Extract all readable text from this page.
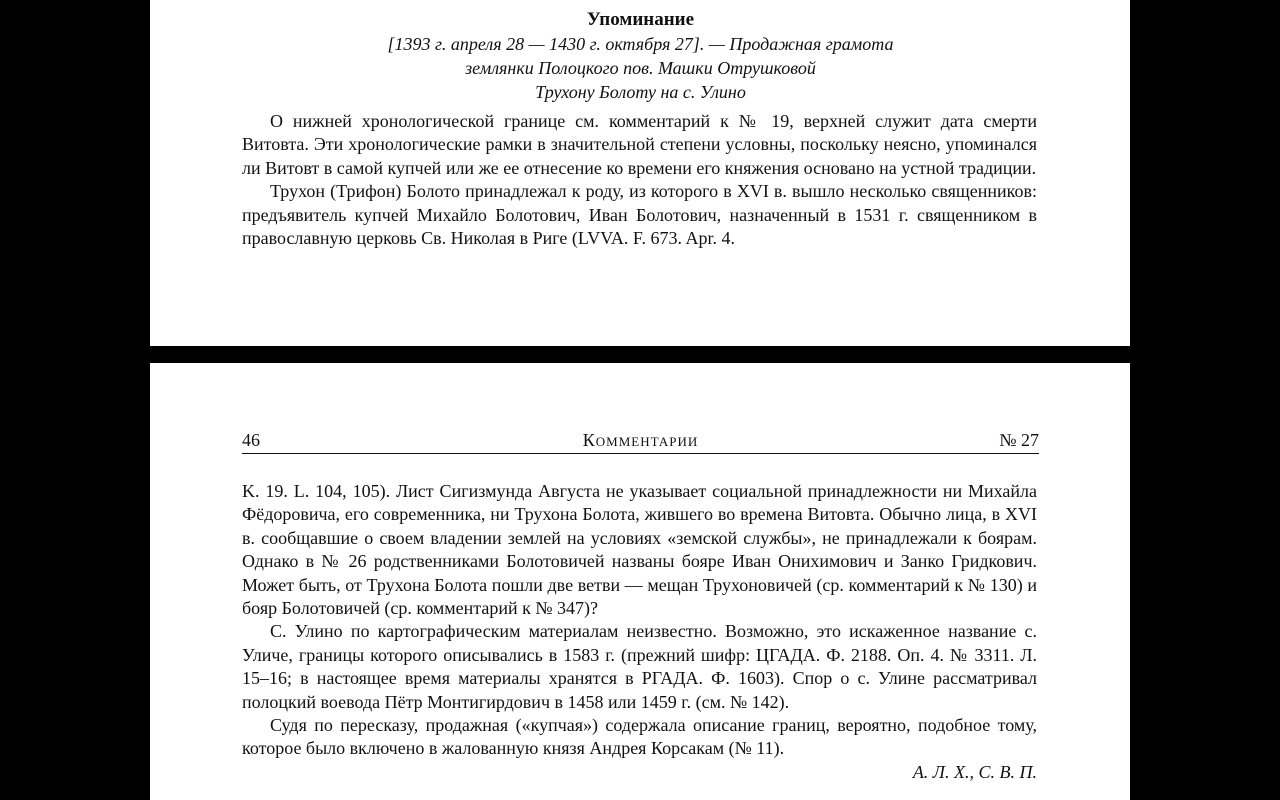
Упоминание
[1393 г. апреля 28 — 1430 г. октября 27]. — Продажная грамота
землянки Полоцкого пов. Машки Отрушковой
Трухону Болоту на с. Улино

О нижней хронологической границе см. комментарий к № 19, верхней служит дата смерти Витовта. Эти хронологические рамки в значительной степени условны, поскольку неясно, упоминался ли Витовт в самой купчей или же ее отнесение ко времени его княжения основано на устной традиции.

Трухон (Трифон) Болото принадлежал к роду, из которого в XVI в. вышло несколько священников: предъявитель купчей Михайло Болотович, Иван Болотович, назначенный в 1531 г. священником в православную церковь Св. Николая в Риге (LVVA. F. 673. Apr. 4.

46	Комментарии	№ 27

K. 19. L. 104, 105). Лист Сигизмунда Августа не указывает социальной принадлежности ни Михайла Фёдоровича, его современника, ни Трухона Болота, жившего во времена Витовта. Обычно лица, в XVI в. сообщавшие о своем владении землей на условиях «земской службы», не принадлежали к боярам. Однако в № 26 родственниками Болотовичей названы бояре Иван Онихимович и Занко Гридкович. Может быть, от Трухона Болота пошли две ветви — мещан Трухоновичей (ср. комментарий к № 130) и бояр Болотовичей (ср. комментарий к № 347)?

С. Улино по картографическим материалам неизвестно. Возможно, это искаженное название с. Уличе, границы которого описывались в 1583 г. (прежний шифр: ЦГАДА. Ф. 2188. Оп. 4. № 3311. Л. 15–16; в настоящее время материалы хранятся в РГАДА. Ф. 1603). Спор о с. Улине рассматривал полоцкий воевода Пётр Монтигирдович в 1458 или 1459 г. (см. № 142).

Судя по пересказу, продажная («купчая») содержала описание границ, вероятно, подобное тому, которое было включено в жалованную князя Андрея Корсакам (№ 11).

А. Л. Х., С. В. П.
